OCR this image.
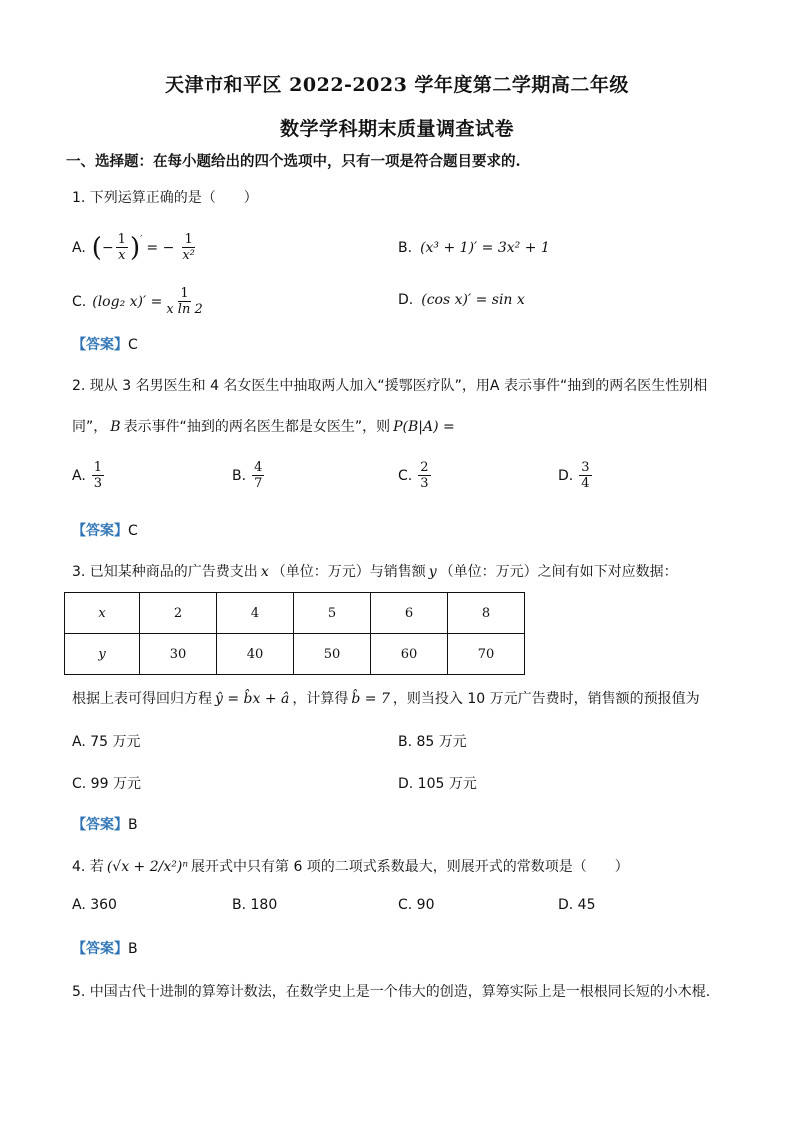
天津市和平区 2022-2023 学年度第二学期高二年级
数学学科期末质量调查试卷
一、选择题：在每小题给出的四个选项中，只有一项是符合题目要求的.
1. 下列运算正确的是（　　）
A. ( − $\frac{1}{x} )'$ = − $\frac{1}{\text{x²}}$	B. (x³ + 1)′ = 3x² + 1
C. (log₂ $x)' = \frac{1}{\text{x ln 2}}$	D. (cos x)′ = sin x
【答案】C
2. 现从 3 名男医生和 4 名女医生中抽取两人加入“援鄂医疗队”，用A 表示事件“抽到的两名医生性别相
同”， B 表示事件“抽到的两名医生都是女医生”，则 P(B|A) =
A. $\frac{1}{3}$	B. $\frac{4}{7}$	C. $\frac{2}{3}$	D. $\frac{3}{4}$
【答案】C
3. 已知某种商品的广告费支出 x （单位：万元）与销售额 y （单位：万元）之间有如下对应数据：
x	2	4	5	6	8
y	30	40	50	60	70
根据上表可得回归方程 ŷ = b̂x + â ，计算得 b̂ = 7 ，则当投入 10 万元广告费时，销售额的预报值为
A. 75 万元	B. 85 万元
C. 99 万元	D. 105 万元
【答案】B
4. 若 (√x + 2/x²)ⁿ 展开式中只有第 6 项的二项式系数最大，则展开式的常数项是（　　）
A. 360	B. 180	C. 90	D. 45
【答案】B
5. 中国古代十进制的算筹计数法，在数学史上是一个伟大的创造，算筹实际上是一根根同长短的小木棍.
